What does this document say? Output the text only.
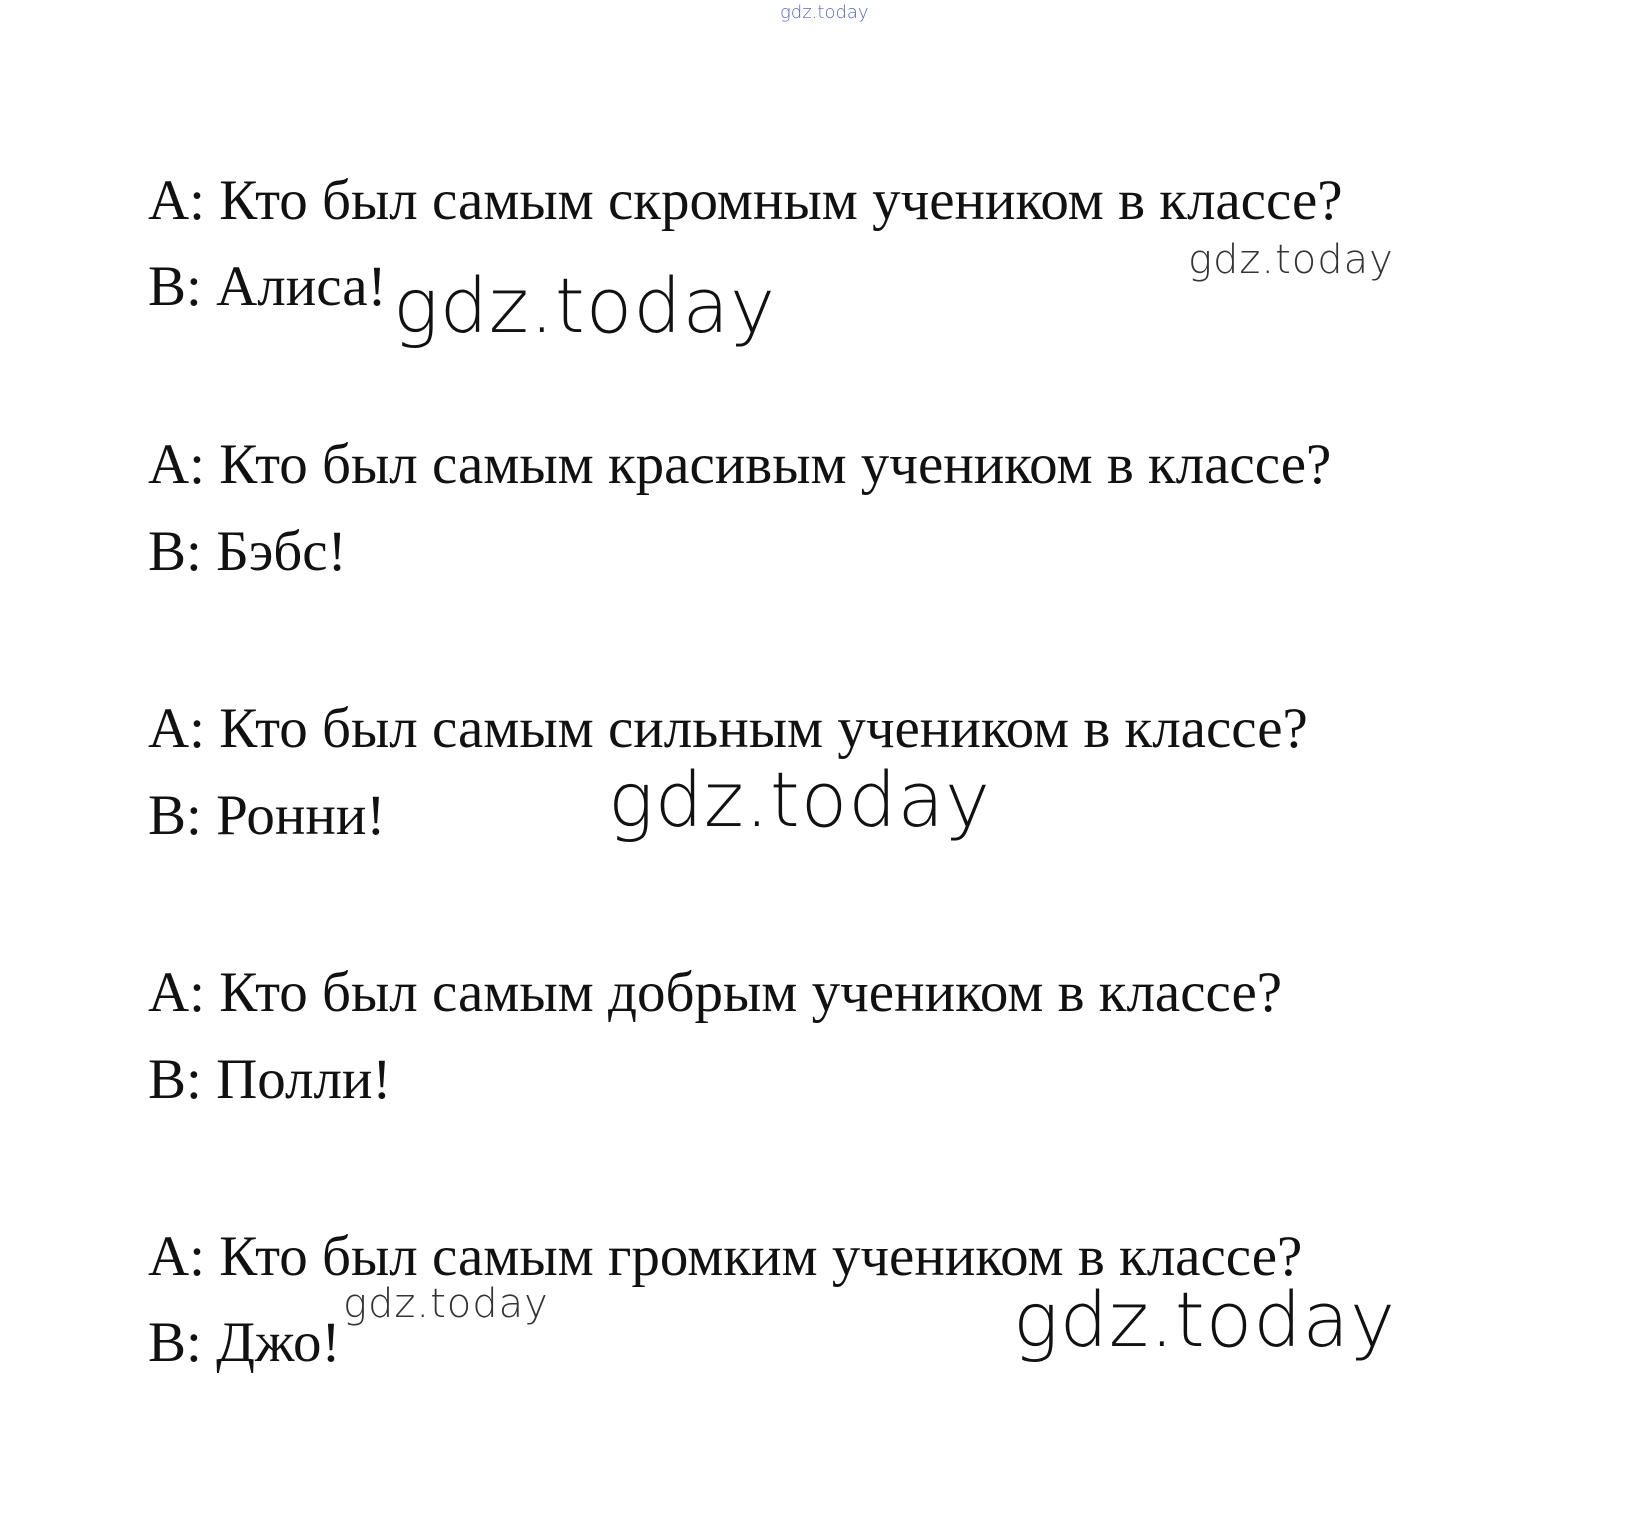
gdz.today

А: Кто был самым скромным учеником в классе?

В: Алиса!

А: Кто был самым красивым учеником в классе?

В: Бэбс!

А: Кто был самым сильным учеником в классе?

В: Ронни!

А: Кто был самым добрым учеником в классе?

В: Полли!

А: Кто был самым громким учеником в классе?

В: Джо!

gdz.today
gdz.today
gdz.today
gdz.today	gdz.today
